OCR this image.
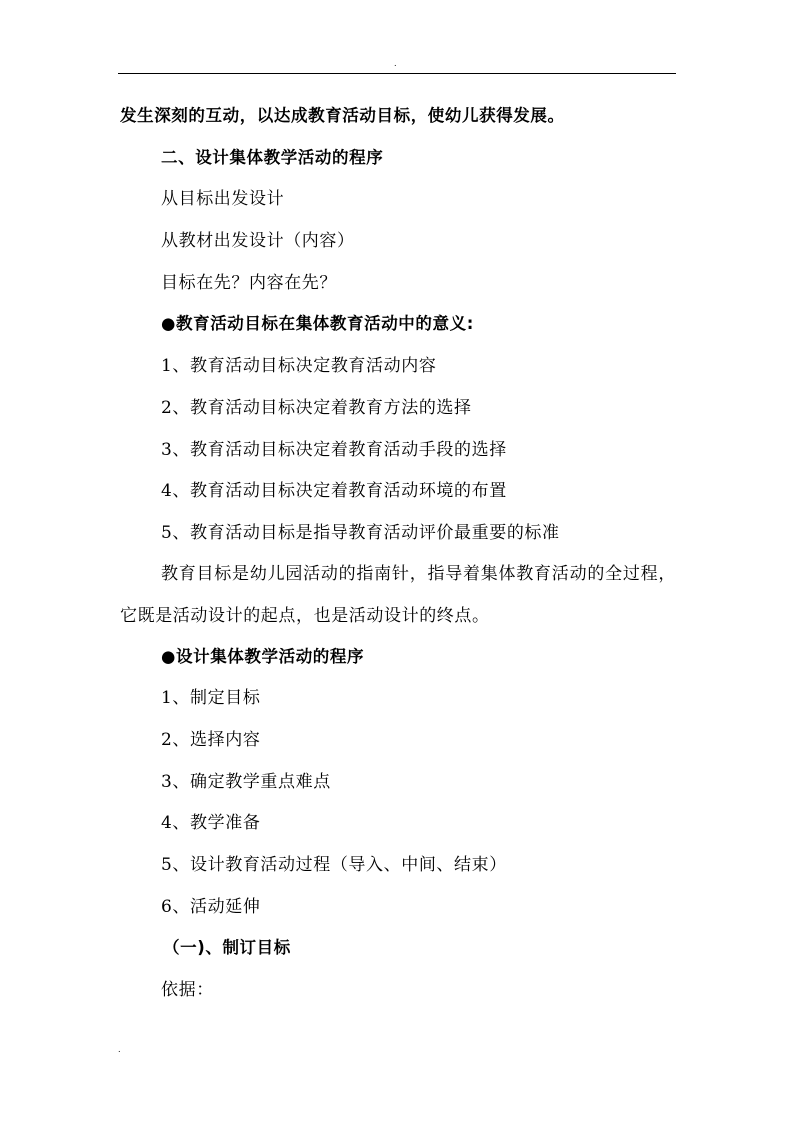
.
发生深刻的互动，以达成教育活动目标，使幼儿获得发展。
二、设计集体教学活动的程序
从目标出发设计
从教材出发设计（内容）
目标在先？内容在先？
●教育活动目标在集体教育活动中的意义:
1、教育活动目标决定教育活动内容
2、教育活动目标决定着教育方法的选择
3、教育活动目标决定着教育活动手段的选择
4、教育活动目标决定着教育活动环境的布置
5、教育活动目标是指导教育活动评价最重要的标准

教育目标是幼儿园活动的指南针，指导着集体教育活动的全过程，它既是活动设计的起点，也是活动设计的终点。

●设计集体教学活动的程序
1、制定目标
2、选择内容
3、确定教学重点难点
4、教学准备
5、设计教育活动过程（导入、中间、结束）
6、活动延伸
（一)、制订目标
依据：
.
